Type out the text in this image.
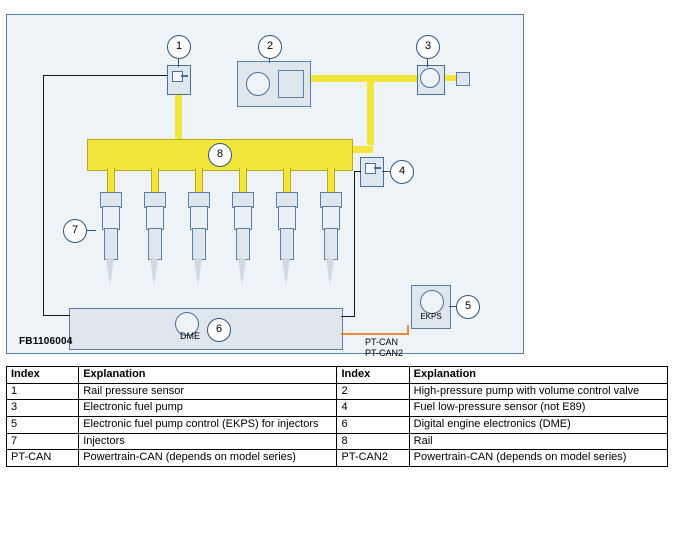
EKPS
DME
PT-CAN
PT-CAN2
1	2	3
4
5
6
7
8
FB1106004
Index	Explanation	Index	Explanation
1	Rail pressure sensor	2	High-pressure pump with volume control valve
3	Electronic fuel pump	4	Fuel low-pressure sensor (not E89)
5	Electronic fuel pump control (EKPS) for injectors	6	Digital engine electronics (DME)
7	Injectors	8	Rail
PT-CAN	Powertrain-CAN (depends on model series)	PT-CAN2	Powertrain-CAN (depends on model series)
